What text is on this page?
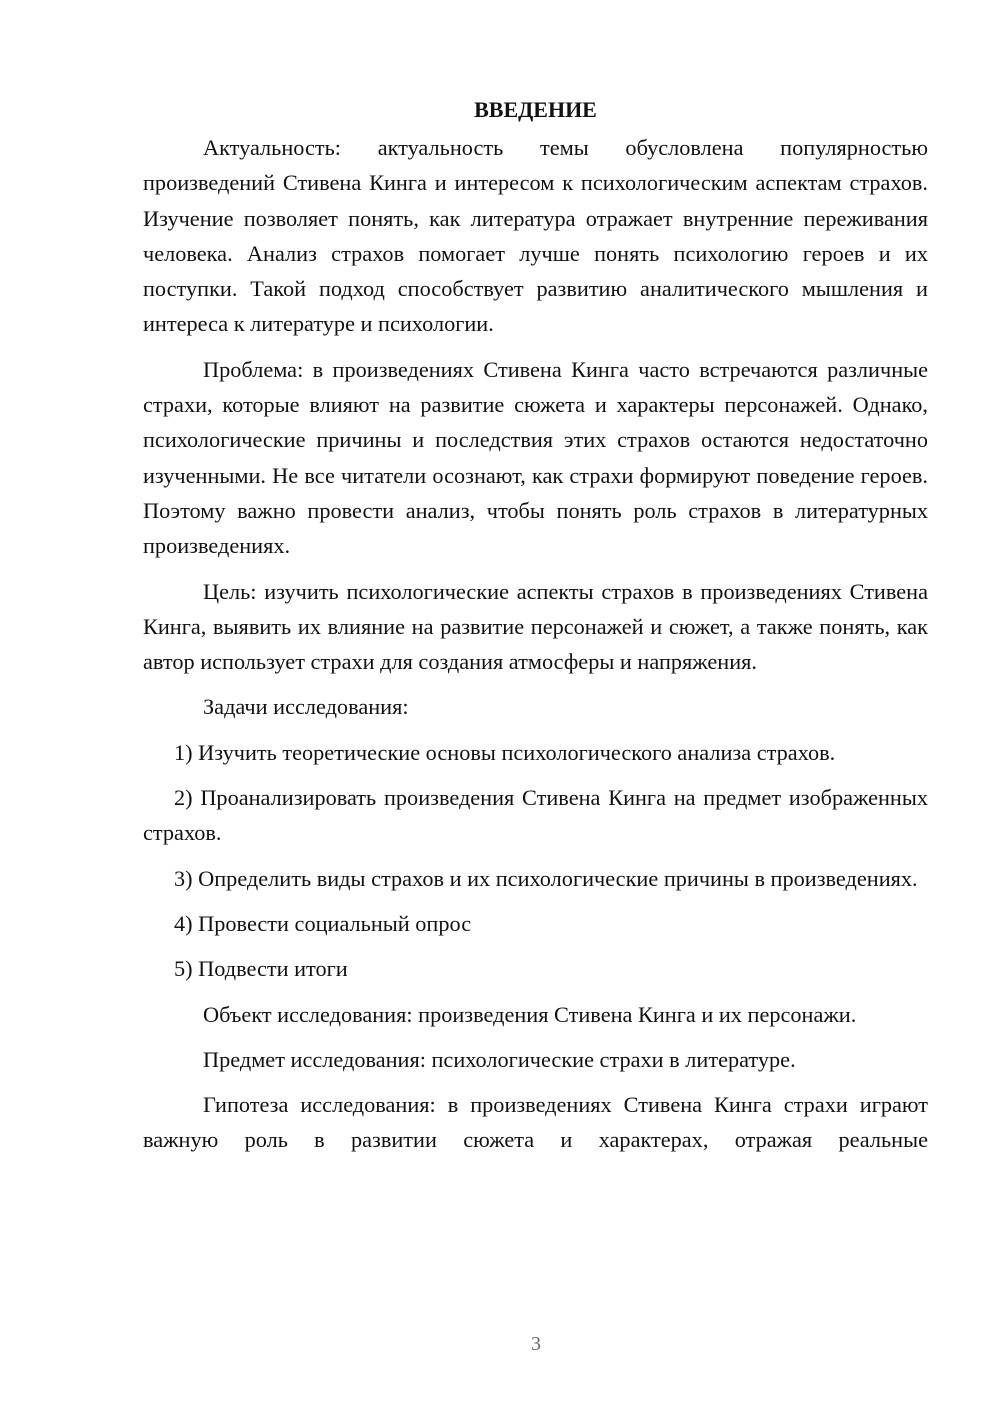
ВВЕДЕНИЕ

Актуальность: актуальность темы обусловлена популярностью произведений Стивена Кинга и интересом к психологическим аспектам страхов. Изучение позволяет понять, как литература отражает внутренние переживания человека. Анализ страхов помогает лучше понять психологию героев и их поступки. Такой подход способствует развитию аналитического мышления и интереса к литературе и психологии.

Проблема: в произведениях Стивена Кинга часто встречаются различные страхи, которые влияют на развитие сюжета и характеры персонажей. Однако, психологические причины и последствия этих страхов остаются недостаточно изученными. Не все читатели осознают, как страхи формируют поведение героев. Поэтому важно провести анализ, чтобы понять роль страхов в литературных произведениях.

Цель: изучить психологические аспекты страхов в произведениях Стивена Кинга, выявить их влияние на развитие персонажей и сюжет, а также понять, как автор использует страхи для создания атмосферы и напряжения.

Задачи исследования:

1) Изучить теоретические основы психологического анализа страхов.

2) Проанализировать произведения Стивена Кинга на предмет изображенных страхов.

3) Определить виды страхов и их психологические причины в произведениях.

4) Провести социальный опрос

5) Подвести итоги

Объект исследования: произведения Стивена Кинга и их персонажи.

Предмет исследования: психологические страхи в литературе.

Гипотеза исследования: в произведениях Стивена Кинга страхи играют важную роль в развитии сюжета и характерах, отражая реальные

3
